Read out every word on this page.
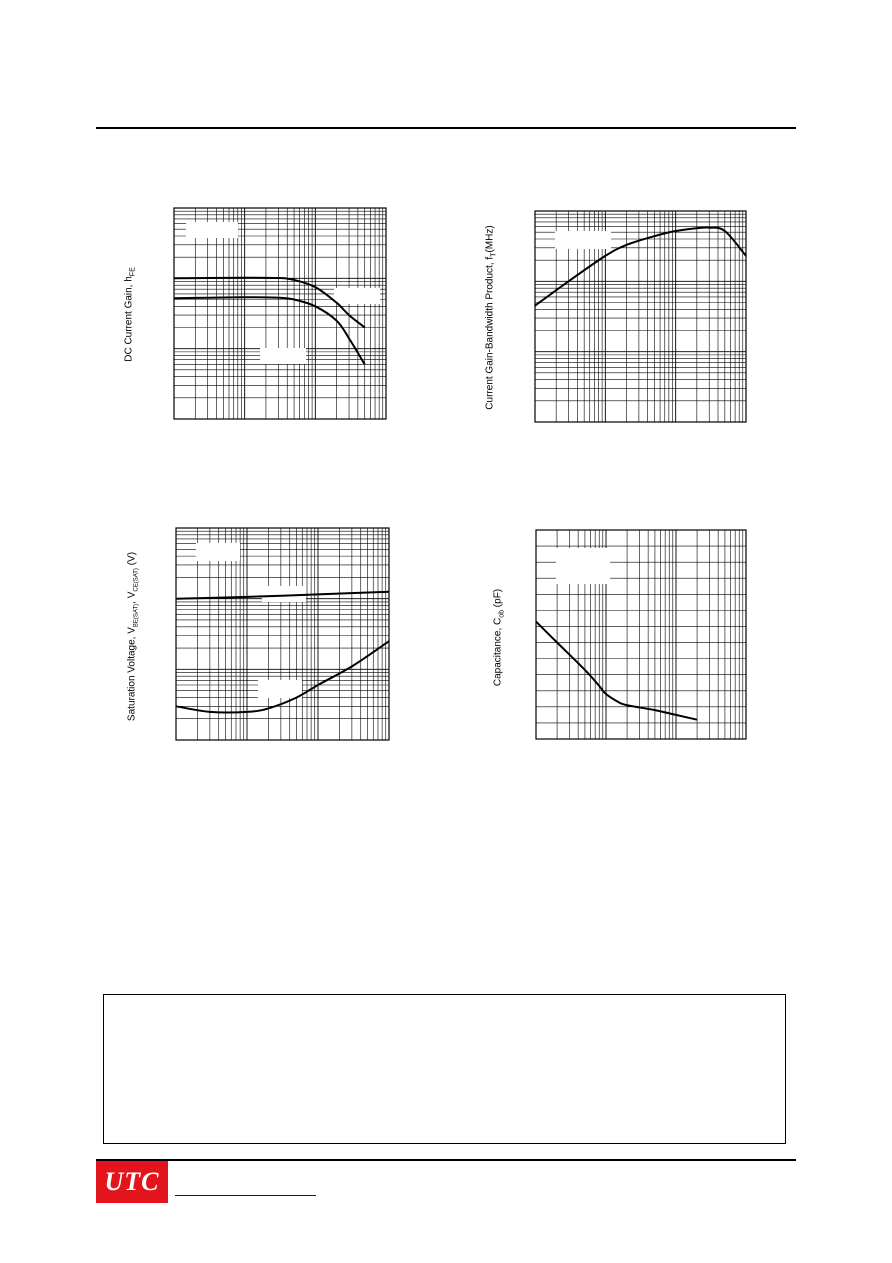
DC Current Gain, $h_{FE}$	Current Gain-Bandwidth Product, $f_T(MHz)$
Saturation Voltage, $V_{BE(SAT)}$, $V_{CE(SAT)}$ (V)
Capacitance, $C_{ob}$ (pF)
UTC
